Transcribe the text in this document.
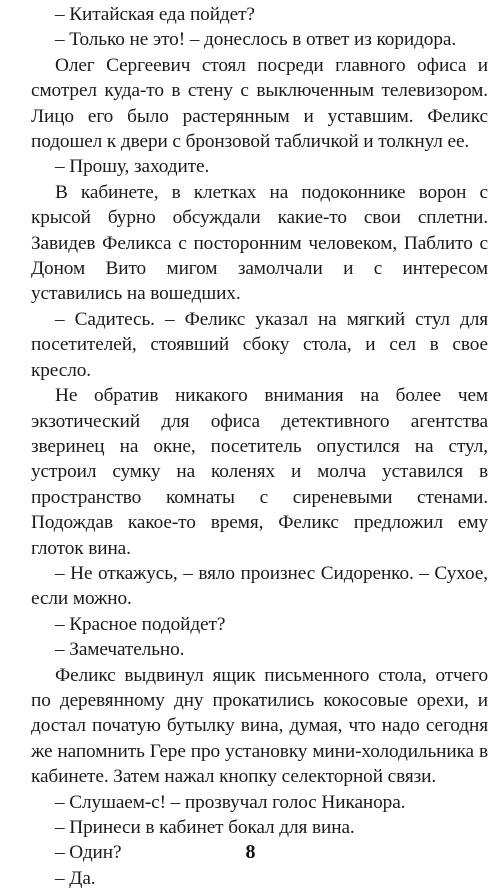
– Китайская еда пойдет?

– Только не это! – донеслось в ответ из коридора.

Олег Сергеевич стоял посреди главного офиса и смотрел куда-то в стену с выключенным телевизором. Лицо его было растерянным и уставшим. Феликс подошел к двери с бронзовой табличкой и толкнул ее.

– Прошу, заходите.

В кабинете, в клетках на подоконнике ворон с крысой бурно обсуждали какие-то свои сплетни. Завидев Феликса с посторонним человеком, Паблито с Доном Вито мигом замолчали и с интересом уставились на вошедших.

– Садитесь. – Феликс указал на мягкий стул для посетителей, стоявший сбоку стола, и сел в свое кресло.

Не обратив никакого внимания на более чем экзотический для офиса детективного агентства зверинец на окне, посетитель опустился на стул, устроил сумку на коленях и молча уставился в пространство комнаты с сиреневыми стенами. Подождав какое-то время, Феликс предложил ему глоток вина.

– Не откажусь, – вяло произнес Сидоренко. – Сухое, если можно.

– Красное подойдет?

– Замечательно.

Феликс выдвинул ящик письменного стола, отчего по деревянному дну прокатились кокосовые орехи, и достал початую бутылку вина, думая, что надо сегодня же напомнить Гере про установку мини-холодильника в кабинете. Затем нажал кнопку селекторной связи.

– Слушаем-с! – прозвучал голос Никанора.

– Принеси в кабинет бокал для вина.

– Один?

– Да.

8
